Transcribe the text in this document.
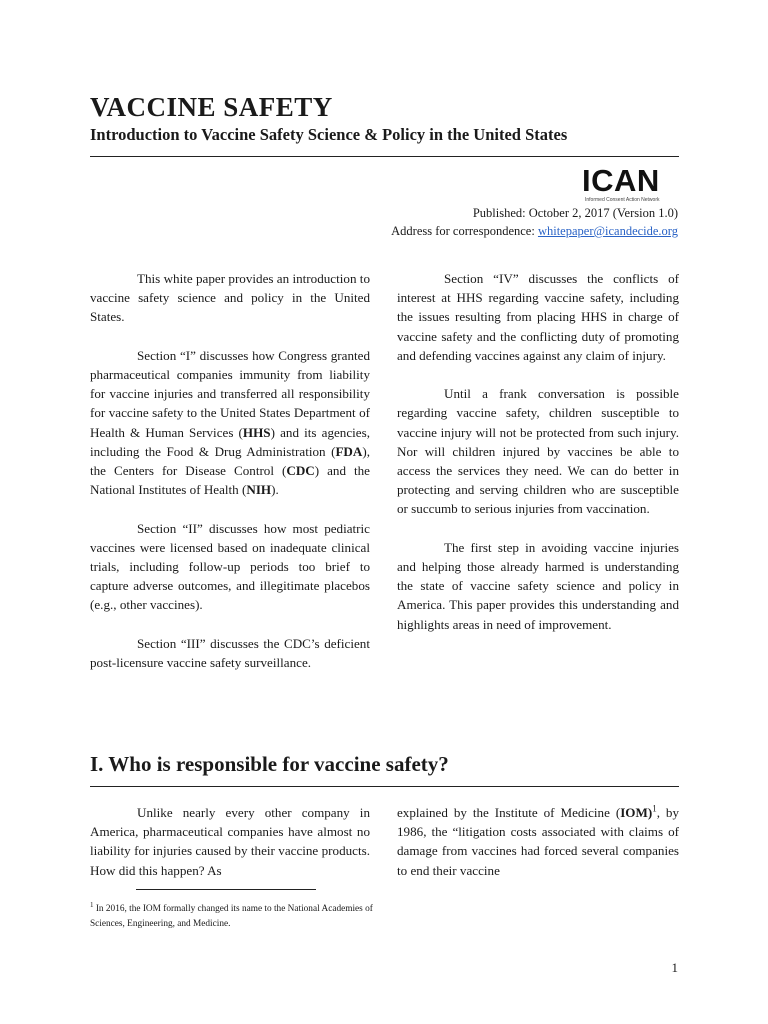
VACCINE SAFETY
Introduction to Vaccine Safety Science & Policy in the United States
ICAN
Informed Consent Action Network
Published: October 2, 2017 (Version 1.0)
Address for correspondence: whitepaper@icandecide.org

This white paper provides an introduction to vaccine safety science and policy in the United States.

Section “I” discusses how Congress granted pharmaceutical companies immunity from liability for vaccine injuries and transferred all responsibility for vaccine safety to the United States Department of Health & Human Services (HHS) and its agencies, including the Food & Drug Administration (FDA), the Centers for Disease Control (CDC) and the National Institutes of Health (NIH).

Section “II” discusses how most pediatric vaccines were licensed based on inadequate clinical trials, including follow-up periods too brief to capture adverse outcomes, and illegitimate placebos (e.g., other vaccines).

Section “III” discusses the CDC’s deficient post-licensure vaccine safety surveillance.

Section “IV” discusses the conflicts of interest at HHS regarding vaccine safety, including the issues resulting from placing HHS in charge of vaccine safety and the conflicting duty of promoting and defending vaccines against any claim of injury.

Until a frank conversation is possible regarding vaccine safety, children susceptible to vaccine injury will not be protected from such injury. Nor will children injured by vaccines be able to access the services they need. We can do better in protecting and serving children who are susceptible or succumb to serious injuries from vaccination.

The first step in avoiding vaccine injuries and helping those already harmed is understanding the state of vaccine safety science and policy in America. This paper provides this understanding and highlights areas in need of improvement.

I. Who is responsible for vaccine safety?

Unlike nearly every other company in America, pharmaceutical companies have almost no liability for injuries caused by their vaccine products. How did this happen? As

explained by the Institute of Medicine (IOM)$^1$, by 1986, the “litigation costs associated with claims of damage from vaccines had forced several companies to end their vaccine

$^1$ In 2016, the IOM formally changed its name to the National Academies of Sciences, Engineering, and Medicine.
1
